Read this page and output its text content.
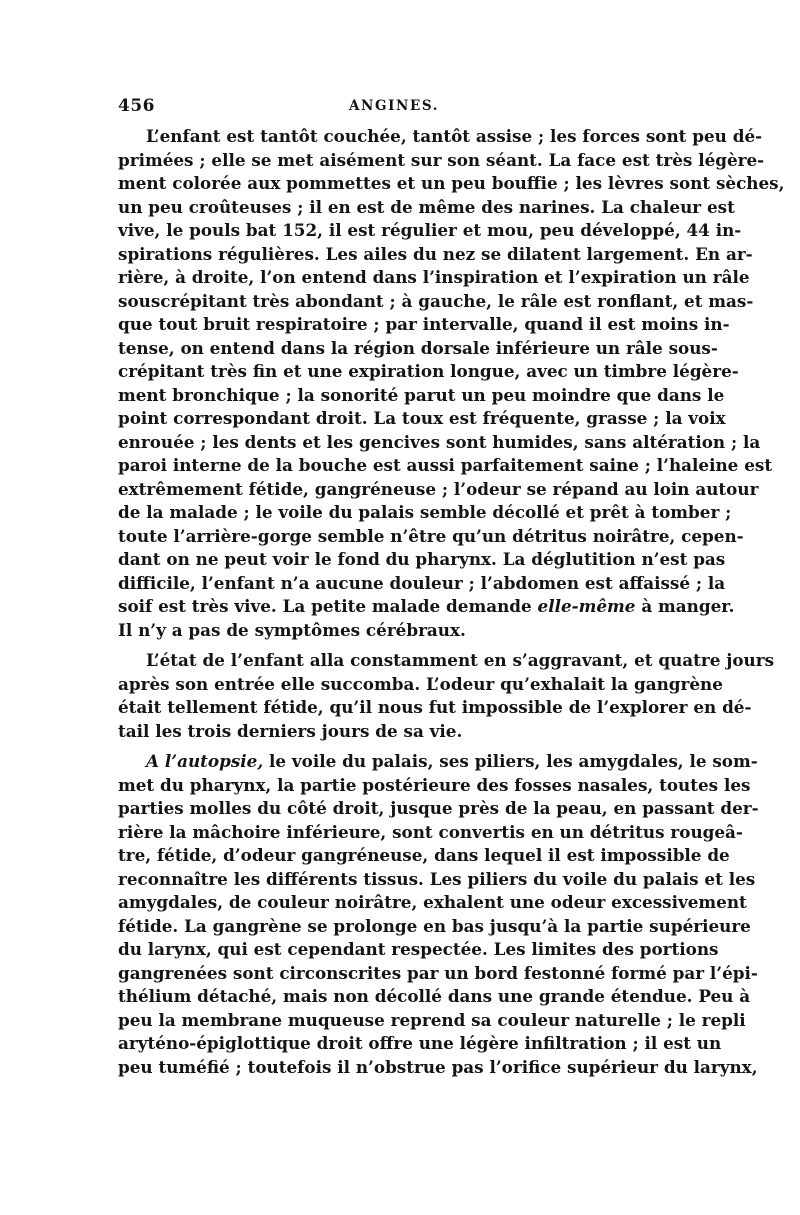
456	ANGINES.
L’enfant est tantôt couchée, tantôt assise ; les forces sont peu dé-
primées ; elle se met aisément sur son séant. La face est très légère-
ment colorée aux pommettes et un peu bouffie ; les lèvres sont sèches,
un peu croûteuses ; il en est de même des narines. La chaleur est
vive, le pouls bat 152, il est régulier et mou, peu développé, 44 in-
spirations régulières. Les ailes du nez se dilatent largement. En ar-
rière, à droite, l’on entend dans l’inspiration et l’expiration un râle
souscrépitant très abondant ; à gauche, le râle est ronflant, et mas-
que tout bruit respiratoire ; par intervalle, quand il est moins in-
tense, on entend dans la région dorsale inférieure un râle sous-
crépitant très fin et une expiration longue, avec un timbre légère-
ment bronchique ; la sonorité parut un peu moindre que dans le
point correspondant droit. La toux est fréquente, grasse ; la voix
enrouée ; les dents et les gencives sont humides, sans altération ; la
paroi interne de la bouche est aussi parfaitement saine ; l’haleine est
extrêmement fétide, gangréneuse ; l’odeur se répand au loin autour
de la malade ; le voile du palais semble décollé et prêt à tomber ;
toute l’arrière-gorge semble n’être qu’un détritus noirâtre, cepen-
dant on ne peut voir le fond du pharynx. La déglutition n’est pas
difficile, l’enfant n’a aucune douleur ; l’abdomen est affaissé ; la
soif est très vive. La petite malade demande elle-même à manger.
Il n’y a pas de symptômes cérébraux.
L’état de l’enfant alla constamment en s’aggravant, et quatre jours
après son entrée elle succomba. L’odeur qu’exhalait la gangrène
était tellement fétide, qu’il nous fut impossible de l’explorer en dé-
tail les trois derniers jours de sa vie.
A l’autopsie, le voile du palais, ses piliers, les amygdales, le som-
met du pharynx, la partie postérieure des fosses nasales, toutes les
parties molles du côté droit, jusque près de la peau, en passant der-
rière la mâchoire inférieure, sont convertis en un détritus rougeâ-
tre, fétide, d’odeur gangréneuse, dans lequel il est impossible de
reconnaître les différents tissus. Les piliers du voile du palais et les
amygdales, de couleur noirâtre, exhalent une odeur excessivement
fétide. La gangrène se prolonge en bas jusqu’à la partie supérieure
du larynx, qui est cependant respectée. Les limites des portions
gangrenées sont circonscrites par un bord festonné formé par l’épi-
thélium détaché, mais non décollé dans une grande étendue. Peu à
peu la membrane muqueuse reprend sa couleur naturelle ; le repli
aryténo-épiglottique droit offre une légère infiltration ; il est un
peu tuméfié ; toutefois il n’obstrue pas l’orifice supérieur du larynx,
